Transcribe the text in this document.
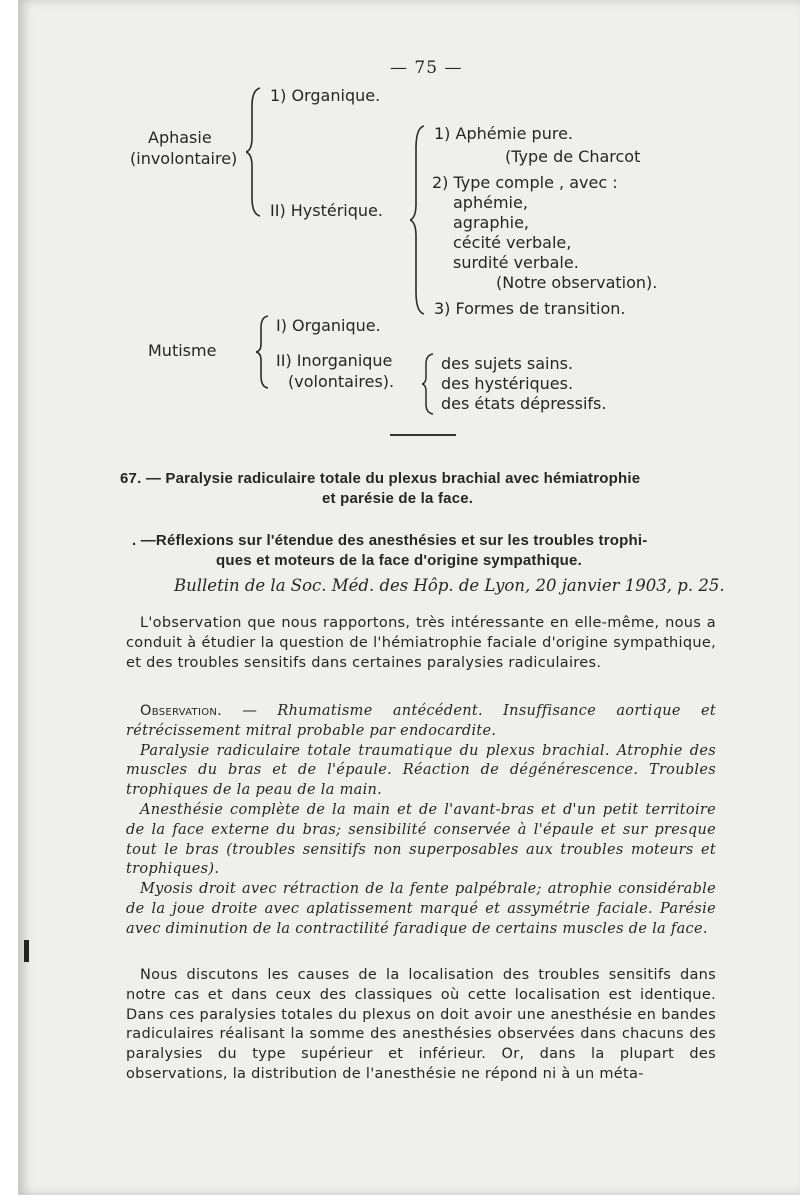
— 75 —
Aphasie
(involontaire)
1) Organique.
II) Hystérique.
1) Aphémie pure.
(Type de Charcot
2) Type comple , avec :
aphémie,
agraphie,
cécité verbale,
surdité verbale.
(Notre observation).
3) Formes de transition.
Mutisme
I) Organique.
II) Inorganique
(volontaires).
des sujets sains.
des hystériques.
des états dépressifs.
67. — Paralysie radiculaire totale du plexus brachial avec hémiatrophie
et parésie de la face.
. —Réflexions sur l'étendue des anesthésies et sur les troubles trophi-
ques et moteurs de la face d'origine sympathique.
Bulletin de la Soc. Méd. des Hôp. de Lyon, 20 janvier 1903, p. 25.

L'observation que nous rapportons, très intéressante en elle-même, nous a conduit à étudier la question de l'hémiatrophie faciale d'origine sympathique, et des troubles sensitifs dans certaines paralysies radiculaires.

Observation. — Rhumatisme antécédent. Insuffisance aortique et rétrécissement mitral probable par endocardite.

Paralysie radiculaire totale traumatique du plexus brachial. Atrophie des muscles du bras et de l'épaule. Réaction de dégénérescence. Troubles trophiques de la peau de la main.

Anesthésie complète de la main et de l'avant-bras et d'un petit territoire de la face externe du bras; sensibilité conservée à l'épaule et sur presque tout le bras (troubles sensitifs non superposables aux troubles moteurs et trophiques).

Myosis droit avec rétraction de la fente palpébrale; atrophie considérable de la joue droite avec aplatissement marqué et assymétrie faciale. Parésie avec diminution de la contractilité faradique de certains muscles de la face.

Nous discutons les causes de la localisation des troubles sensitifs dans notre cas et dans ceux des classiques où cette localisation est identique. Dans ces paralysies totales du plexus on doit avoir une anesthésie en bandes radiculaires réalisant la somme des anesthésies observées dans chacuns des paralysies du type supérieur et inférieur. Or, dans la plupart des observations, la distribution de l'anesthésie ne répond ni à un méta-
